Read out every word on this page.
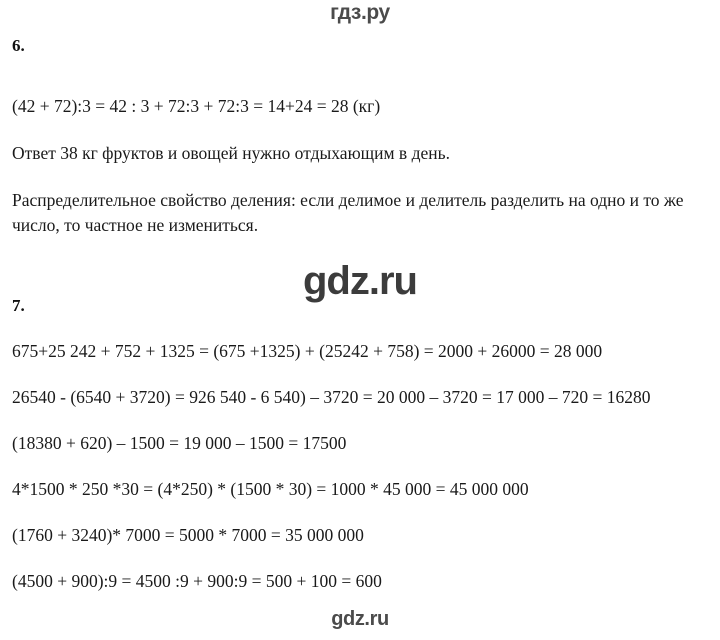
гдз.ру
gdz.ru
gdz.ru
6.

(42 + 72):3 = 42 : 3 + 72:3 + 72:3 = 14+24 = 28 (кг)

Ответ 38 кг фруктов и овощей нужно отдыхающим в день.

Распределительное свойство деления: если делимое и делитель разделить на одно и то же число, то частное не измениться.

7.

675+25 242 + 752 + 1325 = (675 +1325) + (25242 + 758) = 2000 + 26000 = 28 000

26540 - (6540 + 3720) = 926 540 - 6 540) – 3720 = 20 000 – 3720 = 17 000 – 720 = 16280

(18380 + 620) – 1500 = 19 000 – 1500 = 17500

4*1500 * 250 *30 = (4*250) * (1500 * 30) = 1000 * 45 000 = 45 000 000

(1760 + 3240)* 7000 = 5000 * 7000 = 35 000 000

(4500 + 900):9 = 4500 :9 + 900:9 = 500 + 100 = 600
